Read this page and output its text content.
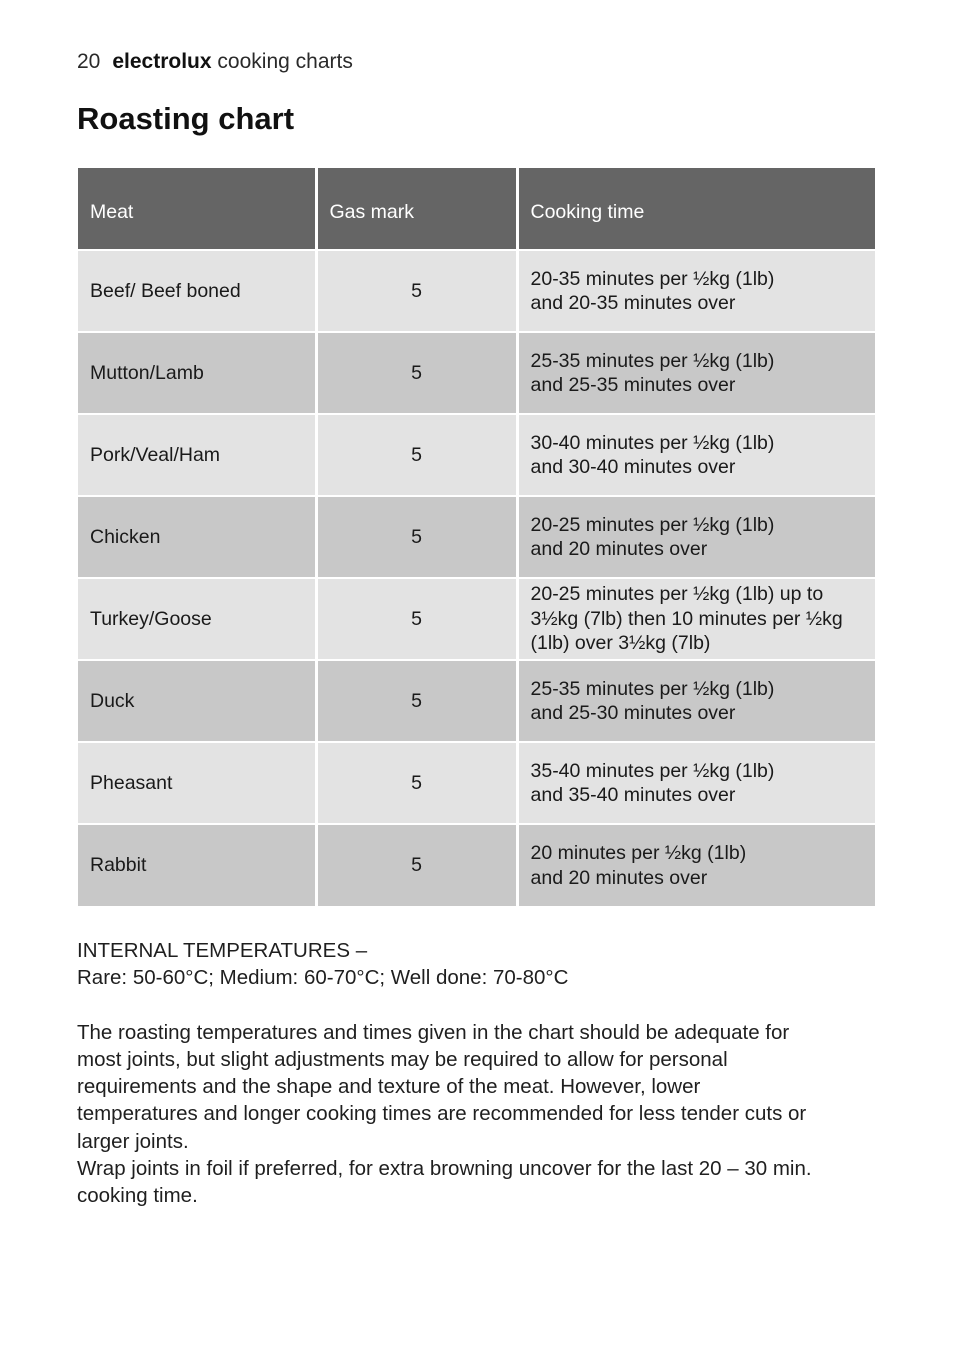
20 electrolux cooking charts
Roasting chart
Meat	Gas mark	Cooking time
Beef/ Beef boned	5	20-35 minutes per ½kg (1lb)
and 20-35 minutes over

Mutton/Lamb	5	25-35 minutes per ½kg (1lb)
and 25-35 minutes over

Pork/Veal/Ham	5	30-40 minutes per ½kg (1lb)
and 30-40 minutes over

Chicken	5	20-25 minutes per ½kg (1lb)
and 20 minutes over

Turkey/Goose	5	20-25 minutes per ½kg (1lb) up to
3½kg (7lb) then 10 minutes per ½kg
(1lb) over 3½kg (7lb)

Duck	5	25-35 minutes per ½kg (1lb)
and 25-30 minutes over

Pheasant	5	35-40 minutes per ½kg (1lb)
and 35-40 minutes over

Rabbit	5	20 minutes per ½kg (1lb)
and 20 minutes over

INTERNAL TEMPERATURES –

Rare: 50-60°C; Medium: 60-70°C; Well done: 70-80°C

The roasting temperatures and times given in the chart should be adequate for

most joints, but slight adjustments may be required to allow for personal

requirements and the shape and texture of the meat. However, lower

temperatures and longer cooking times are recommended for less tender cuts or

larger joints.

Wrap joints in foil if preferred, for extra browning uncover for the last 20 – 30 min.

cooking time.
